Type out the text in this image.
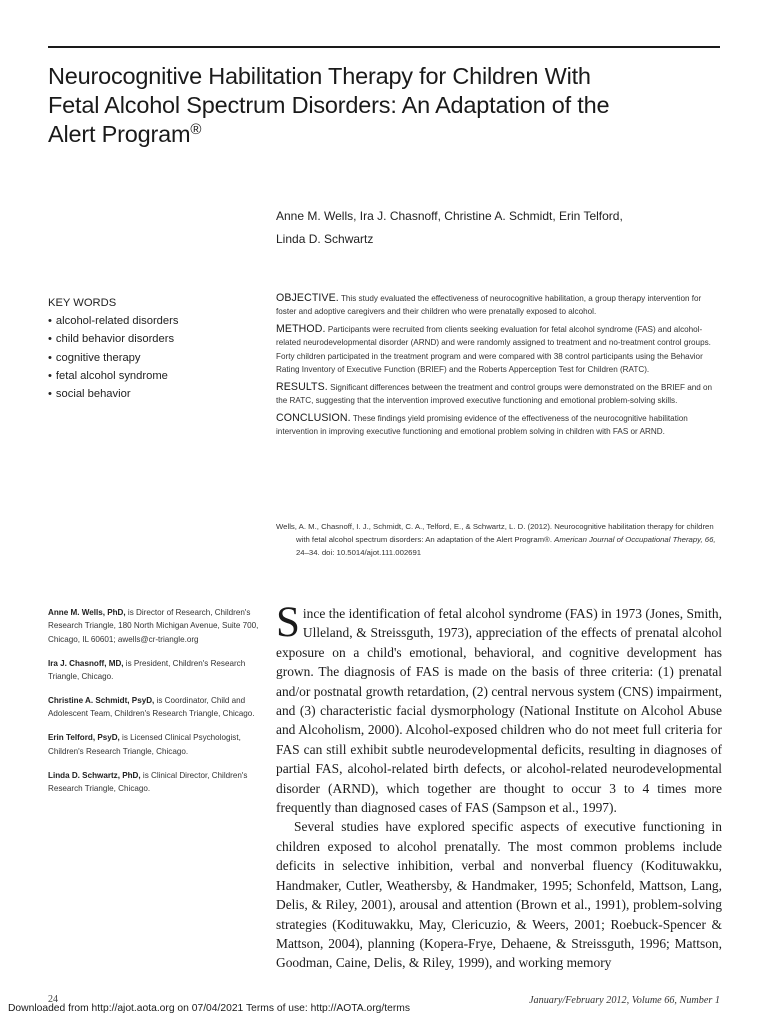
Neurocognitive Habilitation Therapy for Children With
Fetal Alcohol Spectrum Disorders: An Adaptation of the
Alert Program®
Anne M. Wells, Ira J. Chasnoff, Christine A. Schmidt, Erin Telford,
Linda D. Schwartz
KEY WORDS
• alcohol-related disorders
• child behavior disorders
• cognitive therapy
• fetal alcohol syndrome
• social behavior

OBJECTIVE. This study evaluated the effectiveness of neurocognitive habilitation, a group therapy intervention for foster and adoptive caregivers and their children who were prenatally exposed to alcohol.

METHOD. Participants were recruited from clients seeking evaluation for fetal alcohol syndrome (FAS) and alcohol-related neurodevelopmental disorder (ARND) and were randomly assigned to treatment and no-treatment control groups. Forty children participated in the treatment program and were compared with 38 control participants using the Behavior Rating Inventory of Executive Function (BRIEF) and the Roberts Apperception Test for Children (RATC).

RESULTS. Significant differences between the treatment and control groups were demonstrated on the BRIEF and on the RATC, suggesting that the intervention improved executive functioning and emotional problem-solving skills.

CONCLUSION. These findings yield promising evidence of the effectiveness of the neurocognitive habilitation intervention in improving executive functioning and emotional problem solving in children with FAS or ARND.

Wells, A. M., Chasnoff, I. J., Schmidt, C. A., Telford, E., & Schwartz, L. D. (2012). Neurocognitive habilitation therapy for children with fetal alcohol spectrum disorders: An adaptation of the Alert Program®. American Journal of Occupational Therapy, 66, 24–34. doi: 10.5014/ajot.111.002691

Anne M. Wells, PhD, is Director of Research, Children's Research Triangle, 180 North Michigan Avenue, Suite 700, Chicago, IL 60601; awells@cr-triangle.org

Ira J. Chasnoff, MD, is President, Children's Research Triangle, Chicago.

Christine A. Schmidt, PsyD, is Coordinator, Child and Adolescent Team, Children's Research Triangle, Chicago.

Erin Telford, PsyD, is Licensed Clinical Psychologist, Children's Research Triangle, Chicago.

Linda D. Schwartz, PhD, is Clinical Director, Children's Research Triangle, Chicago.

Since the identification of fetal alcohol syndrome (FAS) in 1973 (Jones, Smith, Ulleland, & Streissguth, 1973), appreciation of the effects of prenatal alcohol exposure on a child's emotional, behavioral, and cognitive development has grown. The diagnosis of FAS is made on the basis of three criteria: (1) prenatal and/or postnatal growth retardation, (2) central nervous system (CNS) impairment, and (3) characteristic facial dysmorphology (National Institute on Alcohol Abuse and Alcoholism, 2000). Alcohol-exposed children who do not meet full criteria for FAS can still exhibit subtle neurodevelopmental deficits, resulting in diagnoses of partial FAS, alcohol-related birth defects, or alcohol-related neurodevelopmental disorder (ARND), which together are thought to occur 3 to 4 times more frequently than diagnosed cases of FAS (Sampson et al., 1997).

Several studies have explored specific aspects of executive functioning in children exposed to alcohol prenatally. The most common problems include deficits in selective inhibition, verbal and nonverbal fluency (Kodituwakku, Handmaker, Cutler, Weathersby, & Handmaker, 1995; Schonfeld, Mattson, Lang, Delis, & Riley, 2001), arousal and attention (Brown et al., 1991), problem-solving strategies (Kodituwakku, May, Clericuzio, & Weers, 2001; Roebuck-Spencer & Mattson, 2004), planning (Kopera-Frye, Dehaene, & Streissguth, 1996; Mattson, Goodman, Caine, Delis, & Riley, 1999), and working memory

24	January/February 2012, Volume 66, Number 1
Downloaded from http://ajot.aota.org on 07/04/2021 Terms of use: http://AOTA.org/terms
